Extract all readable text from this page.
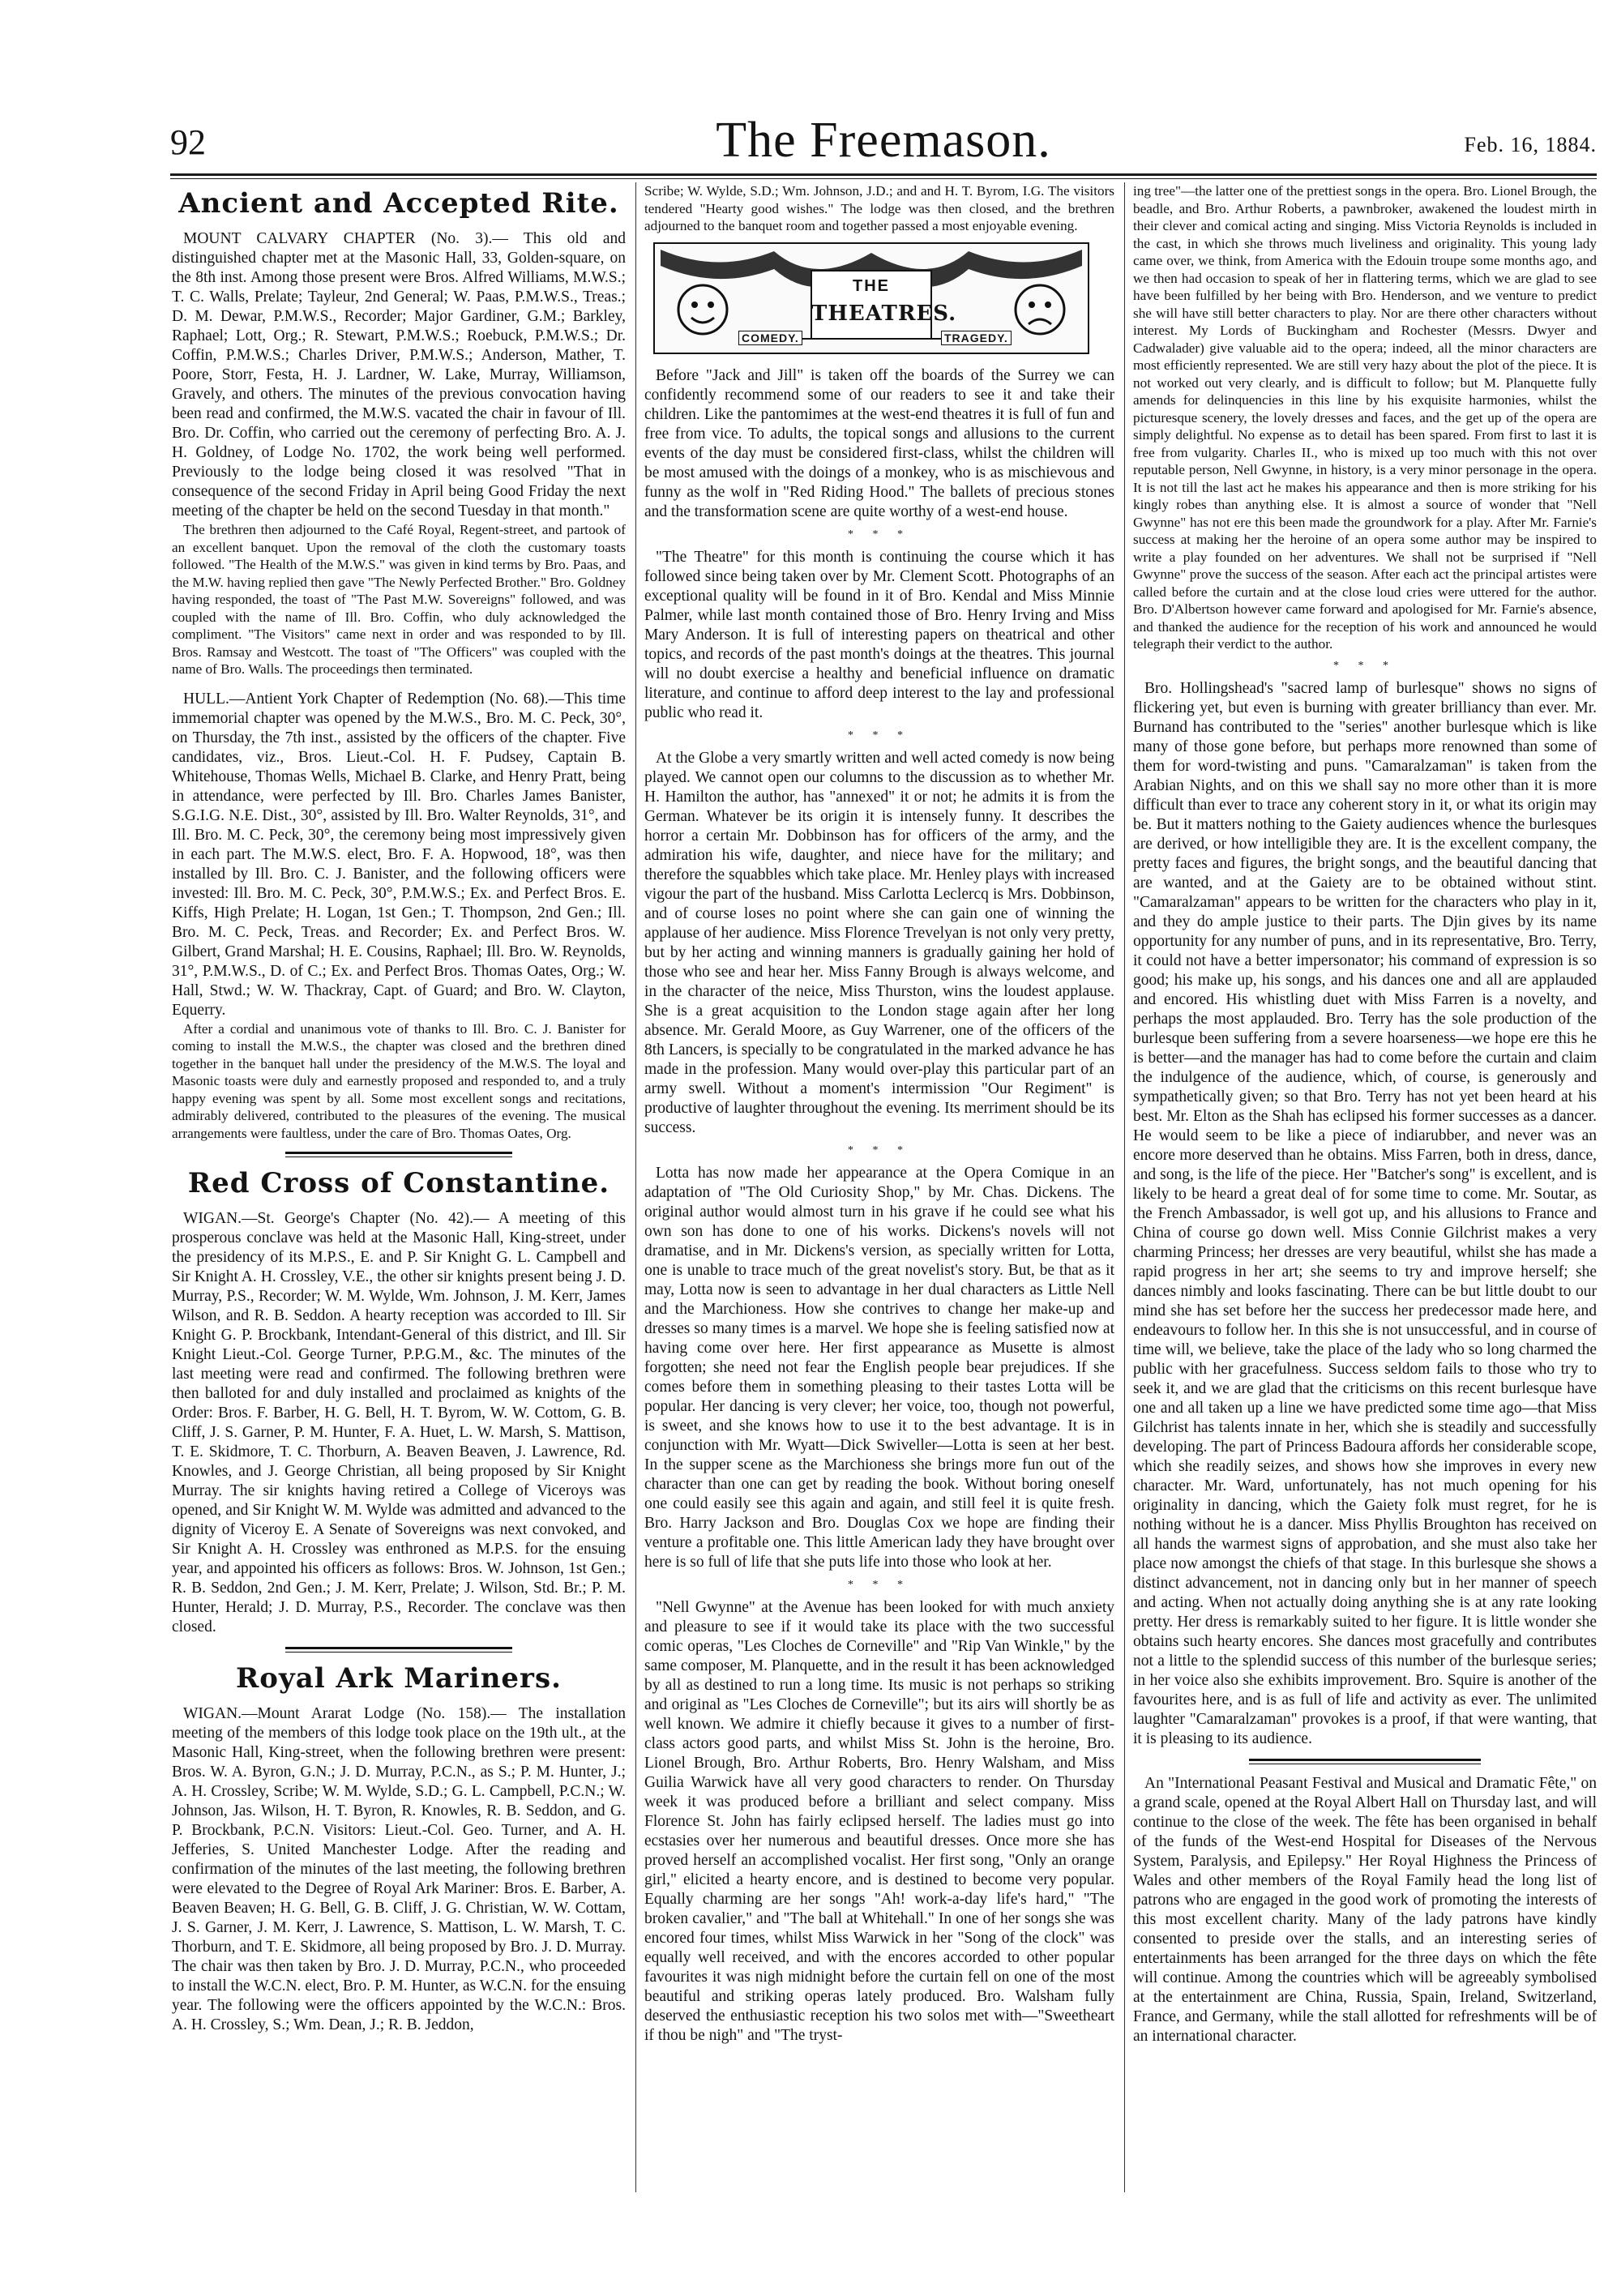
92	The Freemason.	Feb. 16, 1884.
Ancient and Accepted Rite.

MOUNT CALVARY CHAPTER (No. 3).— This old and distinguished chapter met at the Masonic Hall, 33, Golden-square, on the 8th inst. Among those present were Bros. Alfred Williams, M.W.S.; T. C. Walls, Prelate; Tayleur, 2nd General; W. Paas, P.M.W.S., Treas.; D. M. Dewar, P.M.W.S., Recorder; Major Gardiner, G.M.; Barkley, Raphael; Lott, Org.; R. Stewart, P.M.W.S.; Roebuck, P.M.W.S.; Dr. Coffin, P.M.W.S.; Charles Driver, P.M.W.S.; Anderson, Mather, T. Poore, Storr, Festa, H. J. Lardner, W. Lake, Murray, Williamson, Gravely, and others. The minutes of the previous convocation having been read and confirmed, the M.W.S. vacated the chair in favour of Ill. Bro. Dr. Coffin, who carried out the ceremony of perfecting Bro. A. J. H. Goldney, of Lodge No. 1702, the work being well performed. Previously to the lodge being closed it was resolved "That in consequence of the second Friday in April being Good Friday the next meeting of the chapter be held on the second Tuesday in that month."

The brethren then adjourned to the Café Royal, Regent-street, and partook of an excellent banquet. Upon the removal of the cloth the customary toasts followed. "The Health of the M.W.S." was given in kind terms by Bro. Paas, and the M.W. having replied then gave "The Newly Perfected Brother." Bro. Goldney having responded, the toast of "The Past M.W. Sovereigns" followed, and was coupled with the name of Ill. Bro. Coffin, who duly acknowledged the compliment. "The Visitors" came next in order and was responded to by Ill. Bros. Ramsay and Westcott. The toast of "The Officers" was coupled with the name of Bro. Walls. The proceedings then terminated.

HULL.—Antient York Chapter of Redemption (No. 68).—This time immemorial chapter was opened by the M.W.S., Bro. M. C. Peck, 30°, on Thursday, the 7th inst., assisted by the officers of the chapter. Five candidates, viz., Bros. Lieut.-Col. H. F. Pudsey, Captain B. Whitehouse, Thomas Wells, Michael B. Clarke, and Henry Pratt, being in attendance, were perfected by Ill. Bro. Charles James Banister, S.G.I.G. N.E. Dist., 30°, assisted by Ill. Bro. Walter Reynolds, 31°, and Ill. Bro. M. C. Peck, 30°, the ceremony being most impressively given in each part. The M.W.S. elect, Bro. F. A. Hopwood, 18°, was then installed by Ill. Bro. C. J. Banister, and the following officers were invested: Ill. Bro. M. C. Peck, 30°, P.M.W.S.; Ex. and Perfect Bros. E. Kiffs, High Prelate; H. Logan, 1st Gen.; T. Thompson, 2nd Gen.; Ill. Bro. M. C. Peck, Treas. and Recorder; Ex. and Perfect Bros. W. Gilbert, Grand Marshal; H. E. Cousins, Raphael; Ill. Bro. W. Reynolds, 31°, P.M.W.S., D. of C.; Ex. and Perfect Bros. Thomas Oates, Org.; W. Hall, Stwd.; W. W. Thackray, Capt. of Guard; and Bro. W. Clayton, Equerry.

After a cordial and unanimous vote of thanks to Ill. Bro. C. J. Banister for coming to install the M.W.S., the chapter was closed and the brethren dined together in the banquet hall under the presidency of the M.W.S. The loyal and Masonic toasts were duly and earnestly proposed and responded to, and a truly happy evening was spent by all. Some most excellent songs and recitations, admirably delivered, contributed to the pleasures of the evening. The musical arrangements were faultless, under the care of Bro. Thomas Oates, Org.

Red Cross of Constantine.

WIGAN.—St. George's Chapter (No. 42).— A meeting of this prosperous conclave was held at the Masonic Hall, King-street, under the presidency of its M.P.S., E. and P. Sir Knight G. L. Campbell and Sir Knight A. H. Crossley, V.E., the other sir knights present being J. D. Murray, P.S., Recorder; W. M. Wylde, Wm. Johnson, J. M. Kerr, James Wilson, and R. B. Seddon. A hearty reception was accorded to Ill. Sir Knight G. P. Brockbank, Intendant-General of this district, and Ill. Sir Knight Lieut.-Col. George Turner, P.P.G.M., &c. The minutes of the last meeting were read and confirmed. The following brethren were then balloted for and duly installed and proclaimed as knights of the Order: Bros. F. Barber, H. G. Bell, H. T. Byrom, W. W. Cottom, G. B. Cliff, J. S. Garner, P. M. Hunter, F. A. Huet, L. W. Marsh, S. Mattison, T. E. Skidmore, T. C. Thorburn, A. Beaven Beaven, J. Lawrence, Rd. Knowles, and J. George Christian, all being proposed by Sir Knight Murray. The sir knights having retired a College of Viceroys was opened, and Sir Knight W. M. Wylde was admitted and advanced to the dignity of Viceroy E. A Senate of Sovereigns was next convoked, and Sir Knight A. H. Crossley was enthroned as M.P.S. for the ensuing year, and appointed his officers as follows: Bros. W. Johnson, 1st Gen.; R. B. Seddon, 2nd Gen.; J. M. Kerr, Prelate; J. Wilson, Std. Br.; P. M. Hunter, Herald; J. D. Murray, P.S., Recorder. The conclave was then closed.

Royal Ark Mariners.

WIGAN.—Mount Ararat Lodge (No. 158).— The installation meeting of the members of this lodge took place on the 19th ult., at the Masonic Hall, King-street, when the following brethren were present: Bros. W. A. Byron, G.N.; J. D. Murray, P.C.N., as S.; P. M. Hunter, J.; A. H. Crossley, Scribe; W. M. Wylde, S.D.; G. L. Campbell, P.C.N.; W. Johnson, Jas. Wilson, H. T. Byron, R. Knowles, R. B. Seddon, and G. P. Brockbank, P.C.N. Visitors: Lieut.-Col. Geo. Turner, and A. H. Jefferies, S. United Manchester Lodge. After the reading and confirmation of the minutes of the last meeting, the following brethren were elevated to the Degree of Royal Ark Mariner: Bros. E. Barber, A. Beaven Beaven; H. G. Bell, G. B. Cliff, J. G. Christian, W. W. Cottam, J. S. Garner, J. M. Kerr, J. Lawrence, S. Mattison, L. W. Marsh, T. C. Thorburn, and T. E. Skidmore, all being proposed by Bro. J. D. Murray. The chair was then taken by Bro. J. D. Murray, P.C.N., who proceeded to install the W.C.N. elect, Bro. P. M. Hunter, as W.C.N. for the ensuing year. The following were the officers appointed by the W.C.N.: Bros. A. H. Crossley, S.; Wm. Dean, J.; R. B. Jeddon,

Scribe; W. Wylde, S.D.; Wm. Johnson, J.D.; and and H. T. Byrom, I.G. The visitors tendered "Hearty good wishes." The lodge was then closed, and the brethren adjourned to the banquet room and together passed a most enjoyable evening.

THE
THEATRES.
COMEDY.	TRAGEDY.

Before "Jack and Jill" is taken off the boards of the Surrey we can confidently recommend some of our readers to see it and take their children. Like the pantomimes at the west-end theatres it is full of fun and free from vice. To adults, the topical songs and allusions to the current events of the day must be considered first-class, whilst the children will be most amused with the doings of a monkey, who is as mischievous and funny as the wolf in "Red Riding Hood." The ballets of precious stones and the transformation scene are quite worthy of a west-end house.

* * *

"The Theatre" for this month is continuing the course which it has followed since being taken over by Mr. Clement Scott. Photographs of an exceptional quality will be found in it of Bro. Kendal and Miss Minnie Palmer, while last month contained those of Bro. Henry Irving and Miss Mary Anderson. It is full of interesting papers on theatrical and other topics, and records of the past month's doings at the theatres. This journal will no doubt exercise a healthy and beneficial influence on dramatic literature, and continue to afford deep interest to the lay and professional public who read it.

* * *

At the Globe a very smartly written and well acted comedy is now being played. We cannot open our columns to the discussion as to whether Mr. H. Hamilton the author, has "annexed" it or not; he admits it is from the German. Whatever be its origin it is intensely funny. It describes the horror a certain Mr. Dobbinson has for officers of the army, and the admiration his wife, daughter, and niece have for the military; and therefore the squabbles which take place. Mr. Henley plays with increased vigour the part of the husband. Miss Carlotta Leclercq is Mrs. Dobbinson, and of course loses no point where she can gain one of winning the applause of her audience. Miss Florence Trevelyan is not only very pretty, but by her acting and winning manners is gradually gaining her hold of those who see and hear her. Miss Fanny Brough is always welcome, and in the character of the neice, Miss Thurston, wins the loudest applause. She is a great acquisition to the London stage again after her long absence. Mr. Gerald Moore, as Guy Warrener, one of the officers of the 8th Lancers, is specially to be congratulated in the marked advance he has made in the profession. Many would over-play this particular part of an army swell. Without a moment's intermission "Our Regiment" is productive of laughter throughout the evening. Its merriment should be its success.

* * *

Lotta has now made her appearance at the Opera Comique in an adaptation of "The Old Curiosity Shop," by Mr. Chas. Dickens. The original author would almost turn in his grave if he could see what his own son has done to one of his works. Dickens's novels will not dramatise, and in Mr. Dickens's version, as specially written for Lotta, one is unable to trace much of the great novelist's story. But, be that as it may, Lotta now is seen to advantage in her dual characters as Little Nell and the Marchioness. How she contrives to change her make-up and dresses so many times is a marvel. We hope she is feeling satisfied now at having come over here. Her first appearance as Musette is almost forgotten; she need not fear the English people bear prejudices. If she comes before them in something pleasing to their tastes Lotta will be popular. Her dancing is very clever; her voice, too, though not powerful, is sweet, and she knows how to use it to the best advantage. It is in conjunction with Mr. Wyatt—Dick Swiveller—Lotta is seen at her best. In the supper scene as the Marchioness she brings more fun out of the character than one can get by reading the book. Without boring oneself one could easily see this again and again, and still feel it is quite fresh. Bro. Harry Jackson and Bro. Douglas Cox we hope are finding their venture a profitable one. This little American lady they have brought over here is so full of life that she puts life into those who look at her.

* * *

"Nell Gwynne" at the Avenue has been looked for with much anxiety and pleasure to see if it would take its place with the two successful comic operas, "Les Cloches de Corneville" and "Rip Van Winkle," by the same composer, M. Planquette, and in the result it has been acknowledged by all as destined to run a long time. Its music is not perhaps so striking and original as "Les Cloches de Corneville"; but its airs will shortly be as well known. We admire it chiefly because it gives to a number of first-class actors good parts, and whilst Miss St. John is the heroine, Bro. Lionel Brough, Bro. Arthur Roberts, Bro. Henry Walsham, and Miss Guilia Warwick have all very good characters to render. On Thursday week it was produced before a brilliant and select company. Miss Florence St. John has fairly eclipsed herself. The ladies must go into ecstasies over her numerous and beautiful dresses. Once more she has proved herself an accomplished vocalist. Her first song, "Only an orange girl," elicited a hearty encore, and is destined to become very popular. Equally charming are her songs "Ah! work-a-day life's hard," "The broken cavalier," and "The ball at Whitehall." In one of her songs she was encored four times, whilst Miss Warwick in her "Song of the clock" was equally well received, and with the encores accorded to other popular favourites it was nigh midnight before the curtain fell on one of the most beautiful and striking operas lately produced. Bro. Walsham fully deserved the enthusiastic reception his two solos met with—"Sweetheart if thou be nigh" and "The tryst-

ing tree"—the latter one of the prettiest songs in the opera. Bro. Lionel Brough, the beadle, and Bro. Arthur Roberts, a pawnbroker, awakened the loudest mirth in their clever and comical acting and singing. Miss Victoria Reynolds is included in the cast, in which she throws much liveliness and originality. This young lady came over, we think, from America with the Edouin troupe some months ago, and we then had occasion to speak of her in flattering terms, which we are glad to see have been fulfilled by her being with Bro. Henderson, and we venture to predict she will have still better characters to play. Nor are there other characters without interest. My Lords of Buckingham and Rochester (Messrs. Dwyer and Cadwalader) give valuable aid to the opera; indeed, all the minor characters are most efficiently represented. We are still very hazy about the plot of the piece. It is not worked out very clearly, and is difficult to follow; but M. Planquette fully amends for delinquencies in this line by his exquisite harmonies, whilst the picturesque scenery, the lovely dresses and faces, and the get up of the opera are simply delightful. No expense as to detail has been spared. From first to last it is free from vulgarity. Charles II., who is mixed up too much with this not over reputable person, Nell Gwynne, in history, is a very minor personage in the opera. It is not till the last act he makes his appearance and then is more striking for his kingly robes than anything else. It is almost a source of wonder that "Nell Gwynne" has not ere this been made the groundwork for a play. After Mr. Farnie's success at making her the heroine of an opera some author may be inspired to write a play founded on her adventures. We shall not be surprised if "Nell Gwynne" prove the success of the season. After each act the principal artistes were called before the curtain and at the close loud cries were uttered for the author. Bro. D'Albertson however came forward and apologised for Mr. Farnie's absence, and thanked the audience for the reception of his work and announced he would telegraph their verdict to the author.

* * *

Bro. Hollingshead's "sacred lamp of burlesque" shows no signs of flickering yet, but even is burning with greater brilliancy than ever. Mr. Burnand has contributed to the "series" another burlesque which is like many of those gone before, but perhaps more renowned than some of them for word-twisting and puns. "Camaralzaman" is taken from the Arabian Nights, and on this we shall say no more other than it is more difficult than ever to trace any coherent story in it, or what its origin may be. But it matters nothing to the Gaiety audiences whence the burlesques are derived, or how intelligible they are. It is the excellent company, the pretty faces and figures, the bright songs, and the beautiful dancing that are wanted, and at the Gaiety are to be obtained without stint. "Camaralzaman" appears to be written for the characters who play in it, and they do ample justice to their parts. The Djin gives by its name opportunity for any number of puns, and in its representative, Bro. Terry, it could not have a better impersonator; his command of expression is so good; his make up, his songs, and his dances one and all are applauded and encored. His whistling duet with Miss Farren is a novelty, and perhaps the most applauded. Bro. Terry has the sole production of the burlesque been suffering from a severe hoarseness—we hope ere this he is better—and the manager has had to come before the curtain and claim the indulgence of the audience, which, of course, is generously and sympathetically given; so that Bro. Terry has not yet been heard at his best. Mr. Elton as the Shah has eclipsed his former successes as a dancer. He would seem to be like a piece of indiarubber, and never was an encore more deserved than he obtains. Miss Farren, both in dress, dance, and song, is the life of the piece. Her "Batcher's song" is excellent, and is likely to be heard a great deal of for some time to come. Mr. Soutar, as the French Ambassador, is well got up, and his allusions to France and China of course go down well. Miss Connie Gilchrist makes a very charming Princess; her dresses are very beautiful, whilst she has made a rapid progress in her art; she seems to try and improve herself; she dances nimbly and looks fascinating. There can be but little doubt to our mind she has set before her the success her predecessor made here, and endeavours to follow her. In this she is not unsuccessful, and in course of time will, we believe, take the place of the lady who so long charmed the public with her gracefulness. Success seldom fails to those who try to seek it, and we are glad that the criticisms on this recent burlesque have one and all taken up a line we have predicted some time ago—that Miss Gilchrist has talents innate in her, which she is steadily and successfully developing. The part of Princess Badoura affords her considerable scope, which she readily seizes, and shows how she improves in every new character. Mr. Ward, unfortunately, has not much opening for his originality in dancing, which the Gaiety folk must regret, for he is nothing without he is a dancer. Miss Phyllis Broughton has received on all hands the warmest signs of approbation, and she must also take her place now amongst the chiefs of that stage. In this burlesque she shows a distinct advancement, not in dancing only but in her manner of speech and acting. When not actually doing anything she is at any rate looking pretty. Her dress is remarkably suited to her figure. It is little wonder she obtains such hearty encores. She dances most gracefully and contributes not a little to the splendid success of this number of the burlesque series; in her voice also she exhibits improvement. Bro. Squire is another of the favourites here, and is as full of life and activity as ever. The unlimited laughter "Camaralzaman" provokes is a proof, if that were wanting, that it is pleasing to its audience.

An "International Peasant Festival and Musical and Dramatic Fête," on a grand scale, opened at the Royal Albert Hall on Thursday last, and will continue to the close of the week. The fête has been organised in behalf of the funds of the West-end Hospital for Diseases of the Nervous System, Paralysis, and Epilepsy." Her Royal Highness the Princess of Wales and other members of the Royal Family head the long list of patrons who are engaged in the good work of promoting the interests of this most excellent charity. Many of the lady patrons have kindly consented to preside over the stalls, and an interesting series of entertainments has been arranged for the three days on which the fête will continue. Among the countries which will be agreeably symbolised at the entertainment are China, Russia, Spain, Ireland, Switzerland, France, and Germany, while the stall allotted for refreshments will be of an international character.
